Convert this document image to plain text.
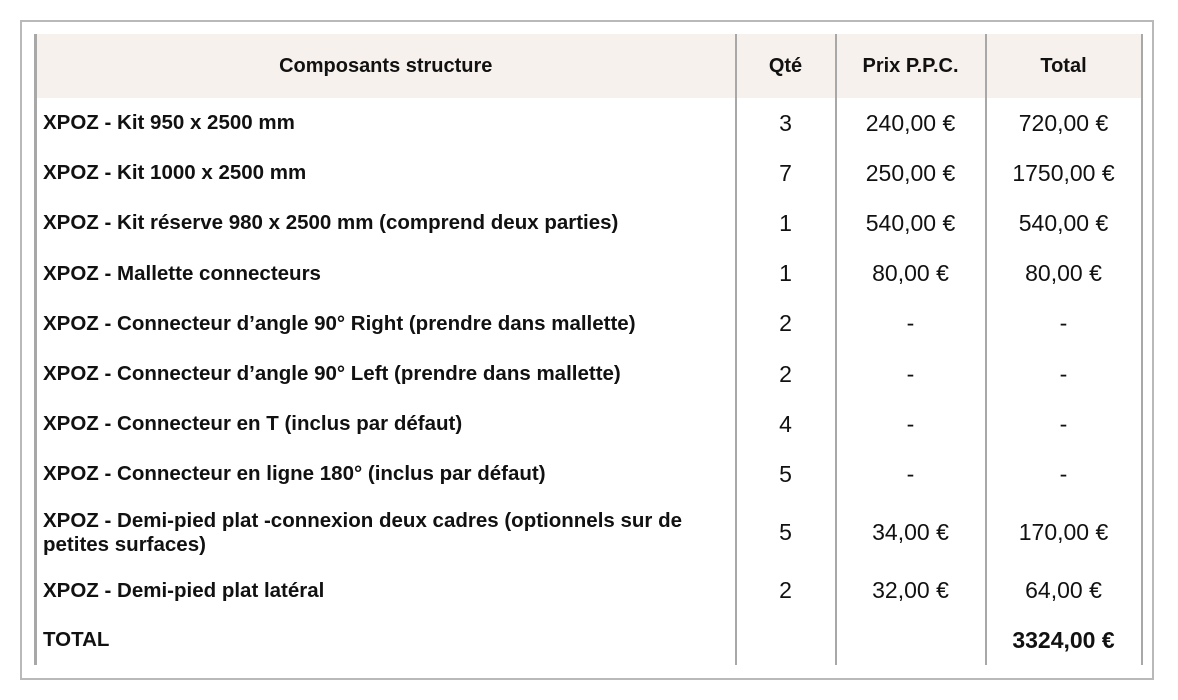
Composants structure	Qté	Prix P.P.C.	Total
XPOZ - Kit 950 x 2500 mm	3	240,00 €	720,00 €
XPOZ - Kit 1000 x 2500 mm	7	250,00 €	1750,00 €
XPOZ - Kit réserve 980 x 2500 mm (comprend deux parties)	1	540,00 €	540,00 €
XPOZ - Mallette connecteurs	1	80,00 €	80,00 €
XPOZ - Connecteur d’angle 90° Right (prendre dans mallette)	2	-	-
XPOZ - Connecteur d’angle 90° Left (prendre dans mallette)	2	-	-
XPOZ - Connecteur en T (inclus par défaut)	4	-	-
XPOZ - Connecteur en ligne 180° (inclus par défaut)	5	-	-
XPOZ - Demi-pied plat -connexion deux cadres (optionnels sur de petites surfaces)	5	34,00 €	170,00 €
XPOZ - Demi-pied plat latéral	2	32,00 €	64,00 €
TOTAL			3324,00 €
